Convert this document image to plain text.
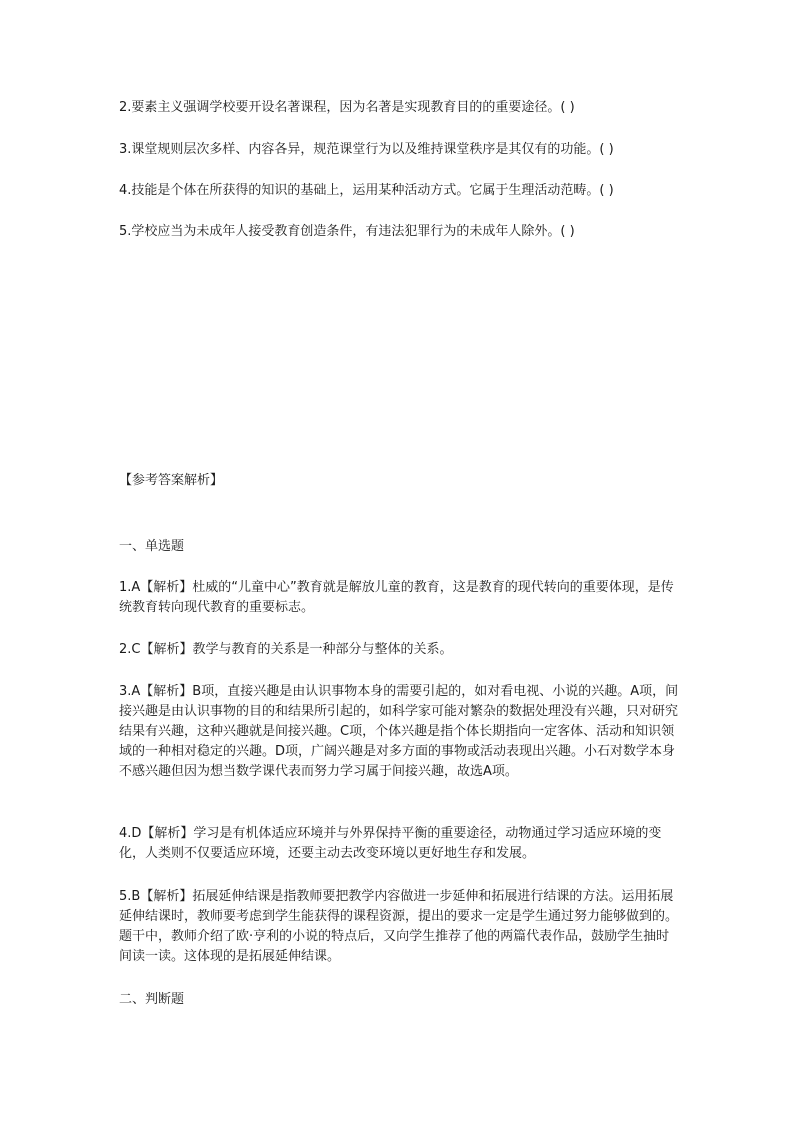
2.要素主义强调学校要开设名著课程，因为名著是实现教育目的的重要途径。( )

3.课堂规则层次多样、内容各异，规范课堂行为以及维持课堂秩序是其仅有的功能。( )

4.技能是个体在所获得的知识的基础上，运用某种活动方式。它属于生理活动范畴。( )

5.学校应当为未成年人接受教育创造条件，有违法犯罪行为的未成年人除外。( )

【参考答案解析】

一、单选题

1.A【解析】杜威的“儿童中心”教育就是解放儿童的教育，这是教育的现代转向的重要体现，是传统教育转向现代教育的重要标志。

2.C【解析】教学与教育的关系是一种部分与整体的关系。

3.A【解析】B项，直接兴趣是由认识事物本身的需要引起的，如对看电视、小说的兴趣。A项，间接兴趣是由认识事物的目的和结果所引起的，如科学家可能对繁杂的数据处理没有兴趣，只对研究结果有兴趣，这种兴趣就是间接兴趣。C项，个体兴趣是指个体长期指向一定客体、活动和知识领域的一种相对稳定的兴趣。D项，广阔兴趣是对多方面的事物或活动表现出兴趣。小石对数学本身不感兴趣但因为想当数学课代表而努力学习属于间接兴趣，故选A项。

4.D【解析】学习是有机体适应环境并与外界保持平衡的重要途径，动物通过学习适应环境的变化，人类则不仅要适应环境，还要主动去改变环境以更好地生存和发展。

5.B【解析】拓展延伸结课是指教师要把教学内容做进一步延伸和拓展进行结课的方法。运用拓展延伸结课时，教师要考虑到学生能获得的课程资源，提出的要求一定是学生通过努力能够做到的。题干中，教师介绍了欧·亨利的小说的特点后，又向学生推荐了他的两篇代表作品，鼓励学生抽时间读一读。这体现的是拓展延伸结课。

二、判断题
